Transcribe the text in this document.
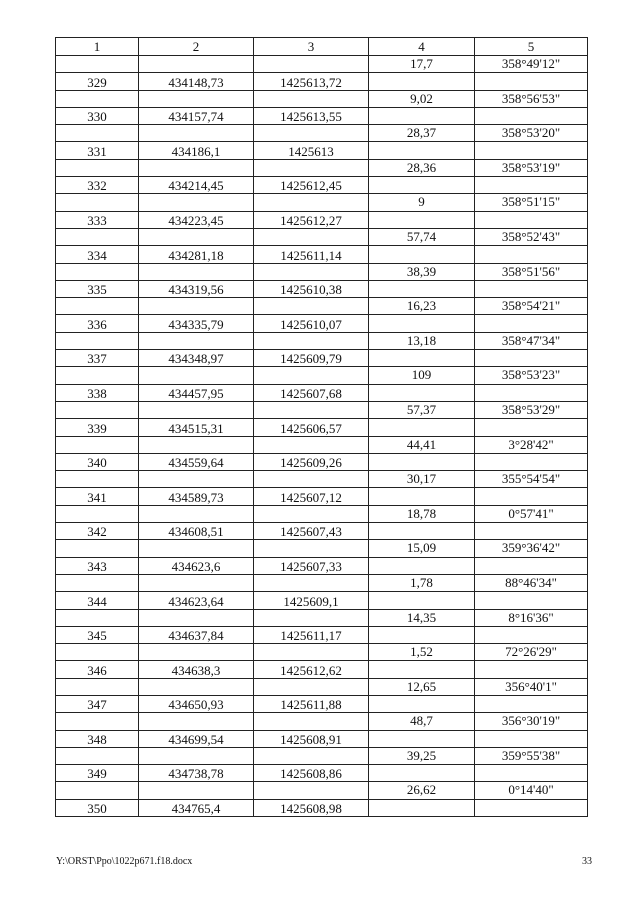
1	2	3	4	5
			17,7	358°49'12"
329	434148,73	1425613,72		
			9,02	358°56'53"
330	434157,74	1425613,55		
			28,37	358°53'20"
331	434186,1	1425613		
			28,36	358°53'19"
332	434214,45	1425612,45		
			9	358°51'15"
333	434223,45	1425612,27		
			57,74	358°52'43"
334	434281,18	1425611,14		
			38,39	358°51'56"
335	434319,56	1425610,38		
			16,23	358°54'21"
336	434335,79	1425610,07		
			13,18	358°47'34"
337	434348,97	1425609,79		
			109	358°53'23"
338	434457,95	1425607,68		
			57,37	358°53'29"
339	434515,31	1425606,57		
			44,41	3°28'42"
340	434559,64	1425609,26		
			30,17	355°54'54"
341	434589,73	1425607,12		
			18,78	0°57'41"
342	434608,51	1425607,43		
			15,09	359°36'42"
343	434623,6	1425607,33		
			1,78	88°46'34"
344	434623,64	1425609,1		
			14,35	8°16'36"
345	434637,84	1425611,17		
			1,52	72°26'29"
346	434638,3	1425612,62		
			12,65	356°40'1"
347	434650,93	1425611,88		
			48,7	356°30'19"
348	434699,54	1425608,91		
			39,25	359°55'38"
349	434738,78	1425608,86		
			26,62	0°14'40"
350	434765,4	1425608,98		
Y:\ORST\Ppo\1022p671.f18.docx	33
